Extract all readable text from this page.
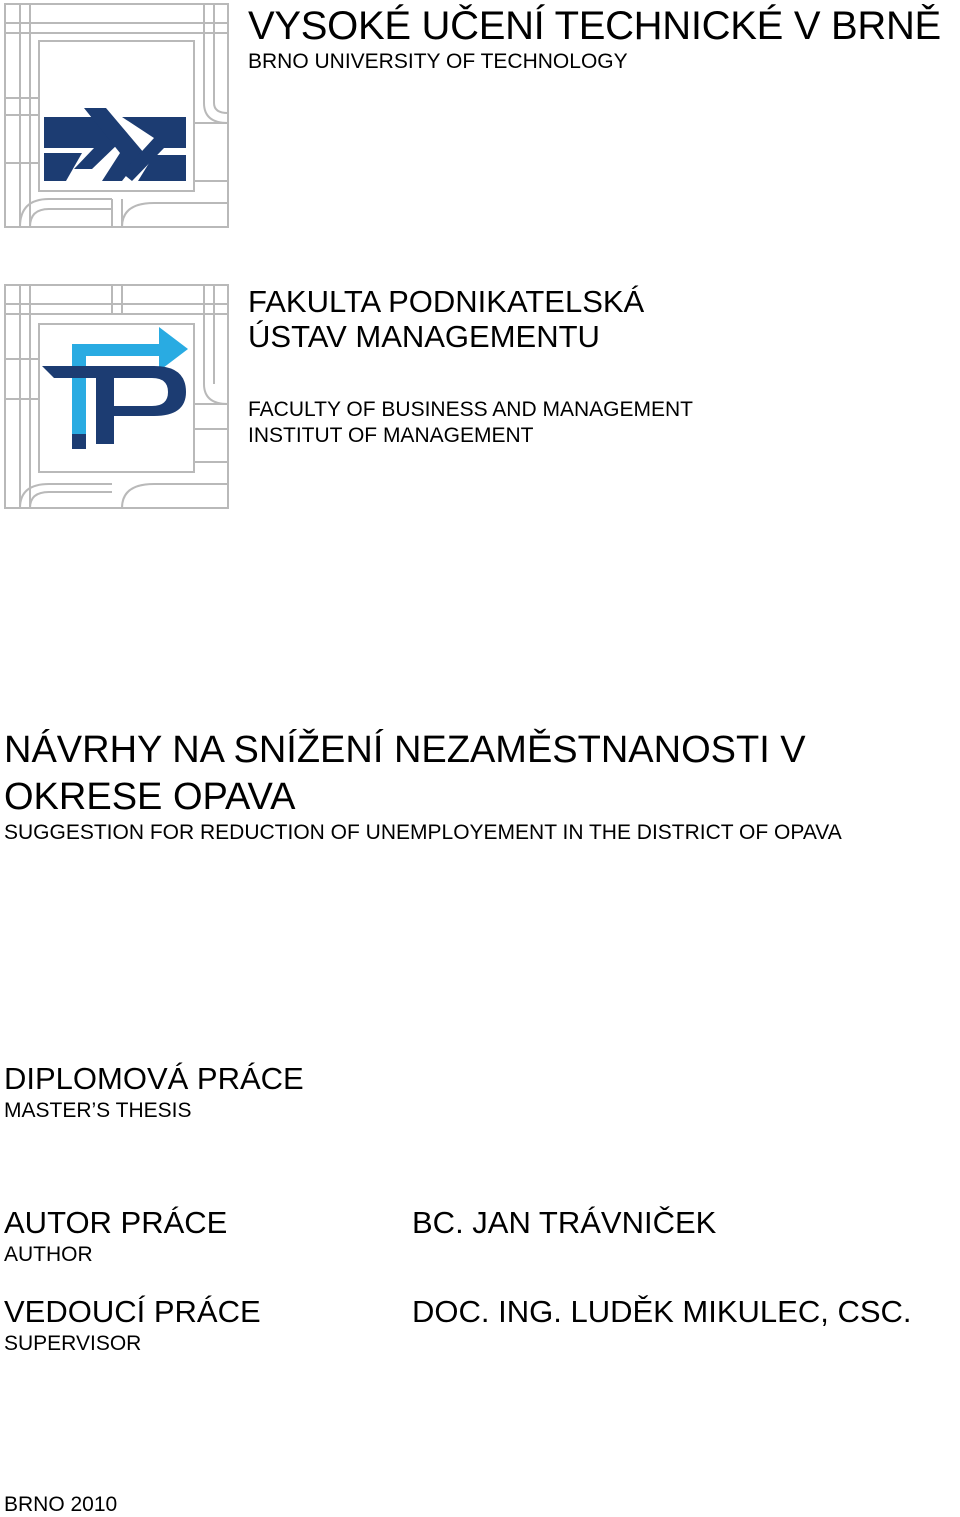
VYSOKÉ UČENÍ TECHNICKÉ V BRNĚ
BRNO UNIVERSITY OF TECHNOLOGY
FAKULTA PODNIKATELSKÁ
ÚSTAV MANAGEMENTU
FACULTY OF BUSINESS AND MANAGEMENT
INSTITUT OF MANAGEMENT
NÁVRHY NA SNÍŽENÍ NEZAMĚSTNANOSTI V OKRESE OPAVA
SUGGESTION FOR REDUCTION OF UNEMPLOYEMENT IN THE DISTRICT OF OPAVA
DIPLOMOVÁ PRÁCE
MASTER’S THESIS
AUTOR PRÁCE
AUTHOR
BC. JAN TRÁVNIČEK
VEDOUCÍ PRÁCE
SUPERVISOR
DOC. ING. LUDĚK MIKULEC, CSC.
BRNO 2010
